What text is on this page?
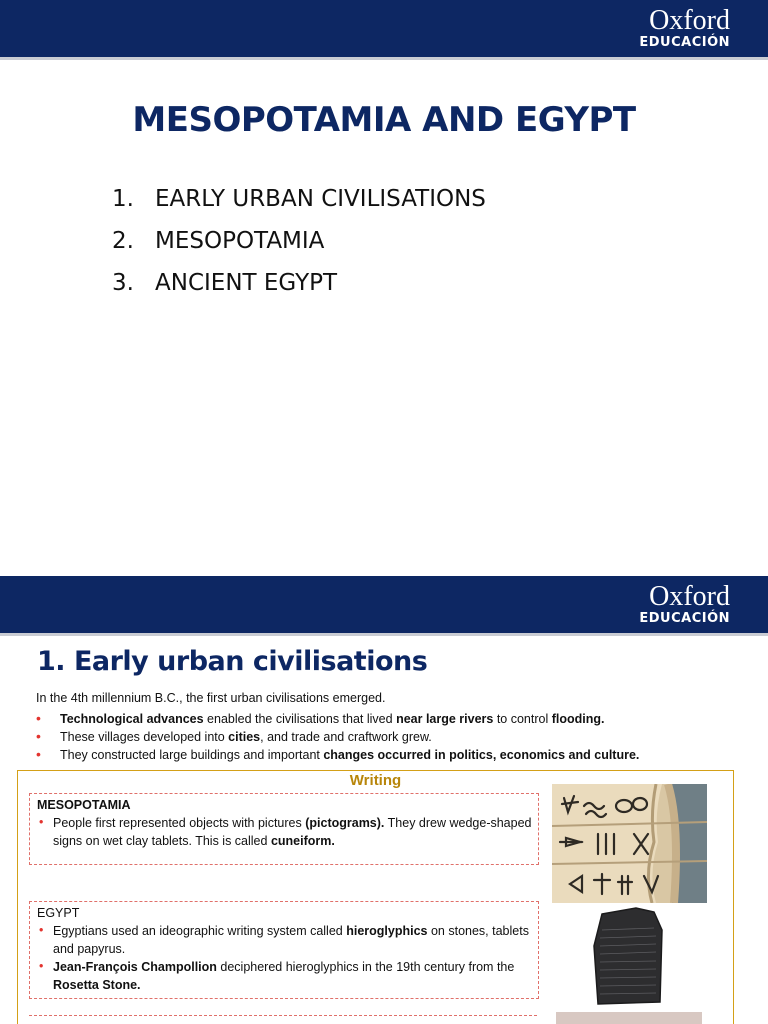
Oxford
EDUCACIÓN
MESOPOTAMIA AND EGYPT
1. EARLY URBAN CIVILISATIONS
2. MESOPOTAMIA
3. ANCIENT EGYPT
Oxford
EDUCACIÓN
1. Early urban civilisations
In the 4th millennium B.C., the first urban civilisations emerged.
• Technological advances enabled the civilisations that lived near large rivers to control flooding.
• These villages developed into cities, and trade and craftwork grew.
• They constructed large buildings and important changes occurred in politics, economics and culture.
Writing
MESOPOTAMIA
• People first represented objects with pictures (pictograms). They drew wedge-shaped signs on wet clay tablets. This is called cuneiform.
EGYPT
• Egyptians used an ideographic writing system called hieroglyphics on stones, tablets and papyrus.
• Jean-François Champollion deciphered hieroglyphics in the 19th century from the Rosetta Stone.
